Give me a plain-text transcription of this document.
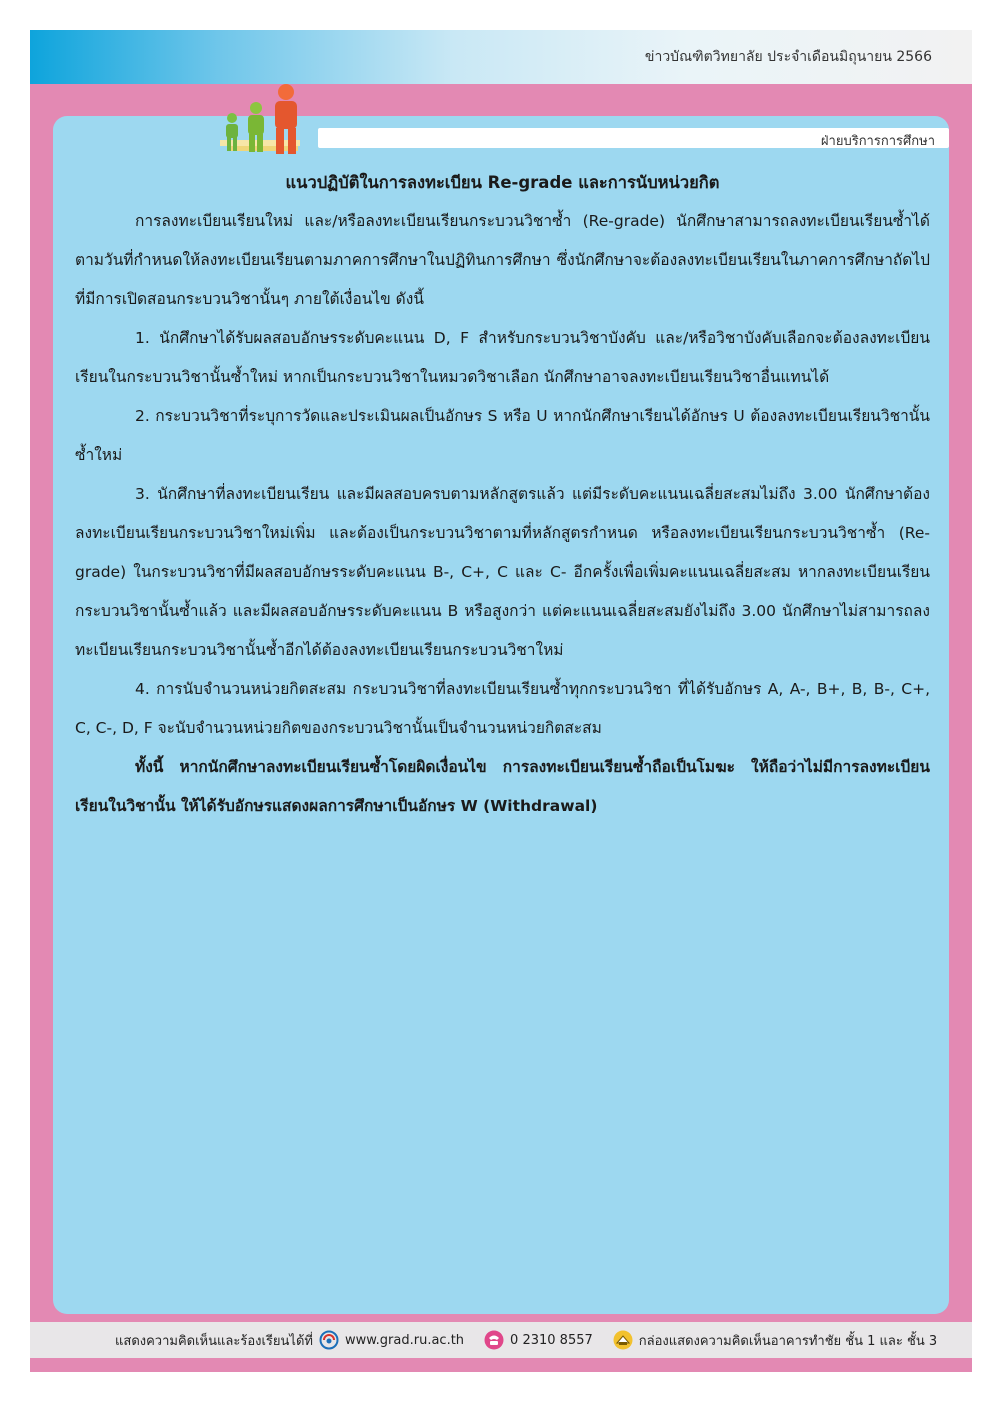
ข่าวบัณฑิตวิทยาลัย ประจำเดือนมิถุนายน 2566
ฝ่ายบริการการศึกษา
แนวปฏิบัติในการลงทะเบียน Re-grade และการนับหน่วยกิต

การลงทะเบียนเรียนใหม่ และ/หรือลงทะเบียนเรียนกระบวนวิชาซ้ำ (Re-grade) นักศึกษาสามารถลงทะเบียนเรียนซ้ำได้ ตามวันที่กำหนดให้ลงทะเบียนเรียนตามภาคการศึกษาในปฏิทินการศึกษา ซึ่งนักศึกษาจะต้องลงทะเบียนเรียนในภาคการศึกษาถัดไปที่มีการเปิดสอนกระบวนวิชานั้นๆ ภายใต้เงื่อนไข ดังนี้

1. นักศึกษาได้รับผลสอบอักษรระดับคะแนน D, F สำหรับกระบวนวิชาบังคับ และ/หรือวิชาบังคับเลือกจะต้องลงทะเบียนเรียนในกระบวนวิชานั้นซ้ำใหม่ หากเป็นกระบวนวิชาในหมวดวิชาเลือก นักศึกษาอาจลงทะเบียนเรียนวิชาอื่นแทนได้

2. กระบวนวิชาที่ระบุการวัดและประเมินผลเป็นอักษร S หรือ U หากนักศึกษาเรียนได้อักษร U ต้องลงทะเบียนเรียนวิชานั้นซ้ำใหม่

3. นักศึกษาที่ลงทะเบียนเรียน และมีผลสอบครบตามหลักสูตรแล้ว แต่มีระดับคะแนนเฉลี่ยสะสมไม่ถึง 3.00 นักศึกษาต้องลงทะเบียนเรียนกระบวนวิชาใหม่เพิ่ม และต้องเป็นกระบวนวิชาตามที่หลักสูตรกำหนด หรือลงทะเบียนเรียนกระบวนวิชาซ้ำ (Re-grade) ในกระบวนวิชาที่มีผลสอบอักษรระดับคะแนน B-, C+, C และ C- อีกครั้งเพื่อเพิ่มคะแนนเฉลี่ยสะสม หากลงทะเบียนเรียนกระบวนวิชานั้นซ้ำแล้ว และมีผลสอบอักษรระดับคะแนน B หรือสูงกว่า แต่คะแนนเฉลี่ยสะสมยังไม่ถึง 3.00 นักศึกษาไม่สามารถลงทะเบียนเรียนกระบวนวิชานั้นซ้ำอีกได้ต้องลงทะเบียนเรียนกระบวนวิชาใหม่

4. การนับจำนวนหน่วยกิตสะสม กระบวนวิชาที่ลงทะเบียนเรียนซ้ำทุกกระบวนวิชา ที่ได้รับอักษร A, A-, B+, B, B-, C+, C, C-, D, F จะนับจำนวนหน่วยกิตของกระบวนวิชานั้นเป็นจำนวนหน่วยกิตสะสม

ทั้งนี้ หากนักศึกษาลงทะเบียนเรียนซ้ำโดยผิดเงื่อนไข การลงทะเบียนเรียนซ้ำถือเป็นโมฆะ ให้ถือว่าไม่มีการลงทะเบียนเรียนในวิชานั้น ให้ได้รับอักษรแสดงผลการศึกษาเป็นอักษร W (Withdrawal)

แสดงความคิดเห็นและร้องเรียนได้ที่ www.grad.ru.ac.th	0 2310 8557	กล่องแสดงความคิดเห็นอาคารทำชัย ชั้น 1 และ ชั้น 3
